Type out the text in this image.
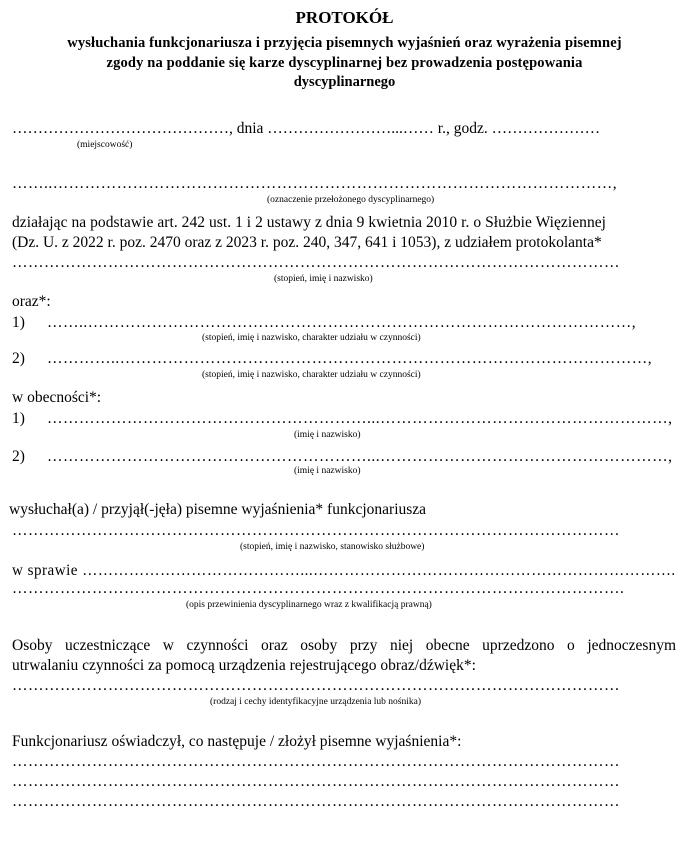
PROTOKÓŁ
wysłuchania funkcjonariusza i przyjęcia pisemnych wyjaśnień oraz wyrażenia pisemnej
zgody na poddanie się karze dyscyplinarnej bez prowadzenia postępowania
dyscyplinarnego
……………………………………, dnia ……………………...…… r., godz. …………………
(miejscowość)
……..……………………………………………………………………………………………,
(oznaczenie przełożonego dyscyplinarnego)
działając na podstawie art. 242 ust. 1 i 2 ustawy z dnia 9 kwietnia 2010 r. o Służbie Więziennej
(Dz. U. z 2022 r. poz. 2470 oraz z 2023 r. poz. 240, 347, 641 i 1053), z udziałem protokolanta*
……………………………………………………………………………………………………
(stopień, imię i nazwisko)
oraz*:
1) ……..…………………………………………………………………………………………,
(stopień, imię i nazwisko, charakter udziału w czynności)
2) …………..………………………………………………………………………………………,
(stopień, imię i nazwisko, charakter udziału w czynności)
w obecności*:
1) ……………………………………………………...………………………………………………,
(imię i nazwisko)
2) ……………………………………………………...………………………………………………,
(imię i nazwisko)
wysłuchał(a) / przyjął(-jęła) pisemne wyjaśnienia* funkcjonariusza
……………………………………………………………………………………………………
(stopień, imię i nazwisko, stanowisko służbowe)
w sprawie ……………………………………...…………………………………………………………….
…………………………………………………………………………………………………….
(opis przewinienia dyscyplinarnego wraz z kwalifikacją prawną)
Osoby uczestniczące w czynności oraz osoby przy niej obecne uprzedzono o jednoczesnym
utrwalaniu czynności za pomocą urządzenia rejestrującego obraz/dźwięk*:
……………………………………………………………………………………………………
(rodzaj i cechy identyfikacyjne urządzenia lub nośnika)
Funkcjonariusz oświadczył, co następuje / złożył pisemne wyjaśnienia*:
……………………………………………………………………………………………………
……………………………………………………………………………………………………
……………………………………………………………………………………………………
